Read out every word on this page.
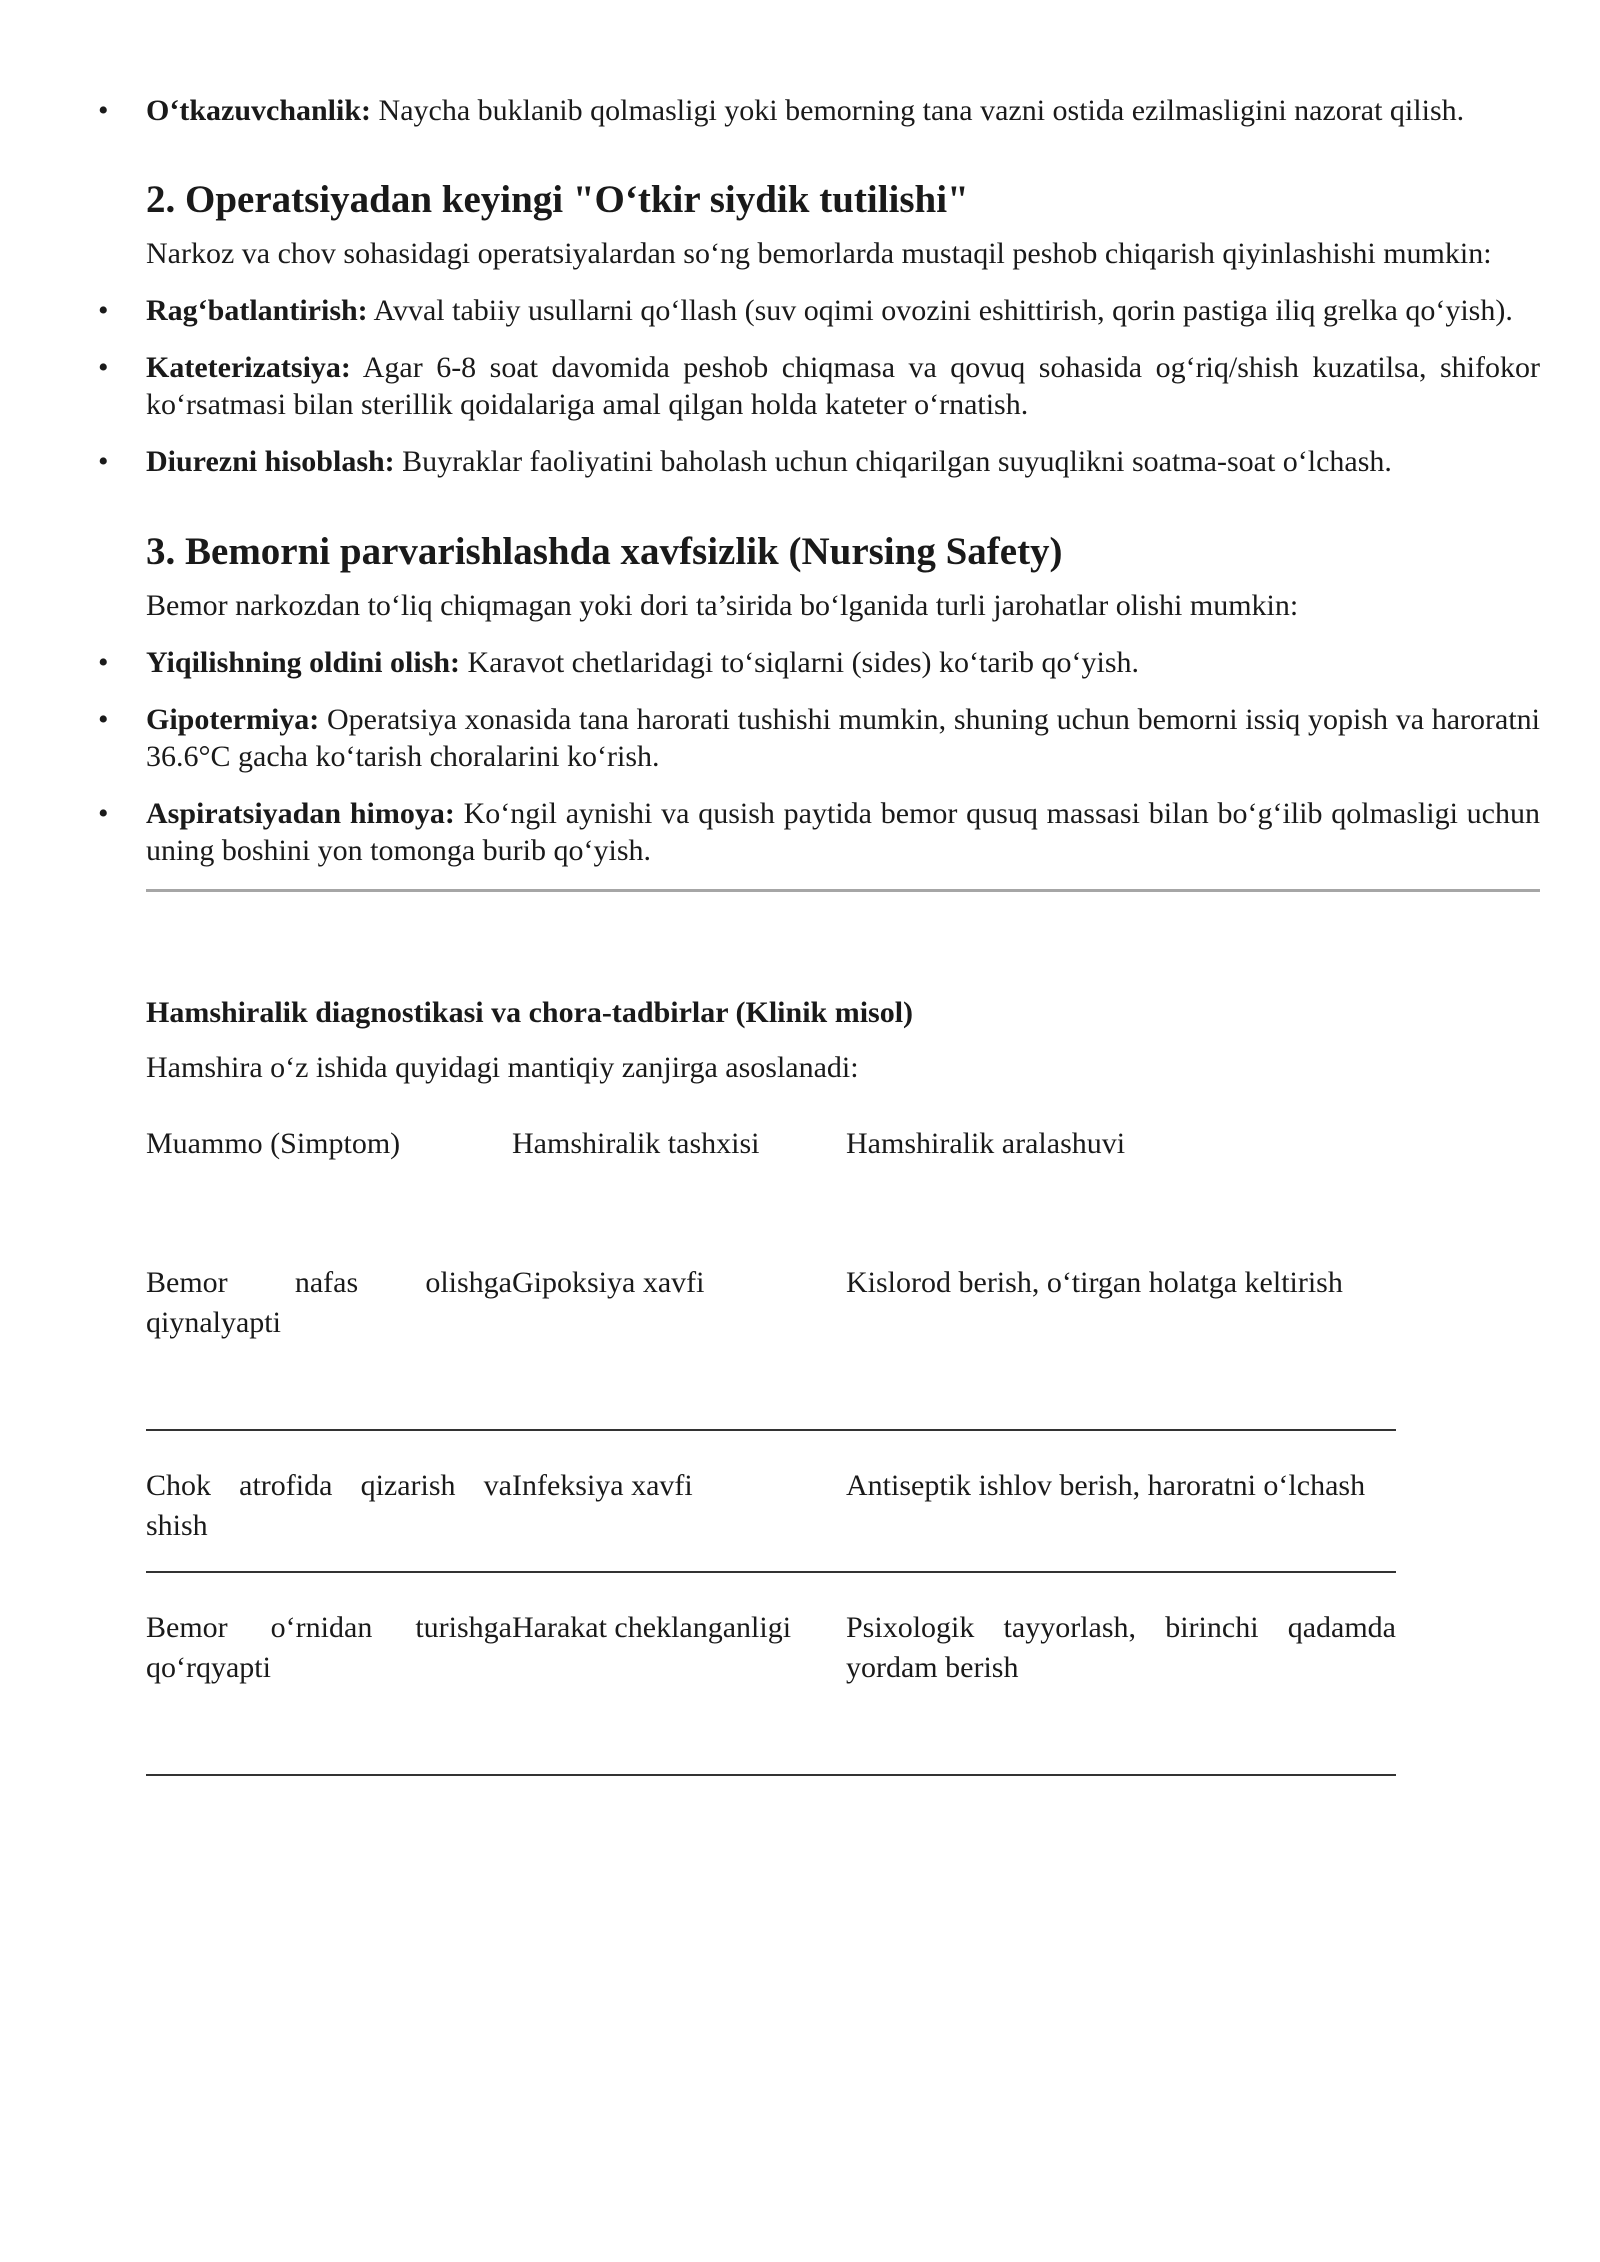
• O‘tkazuvchanlik: Naycha buklanib qolmasligi yoki bemorning tana vazni ostida ezilmasligini nazorat qilish.
2. Operatsiyadan keyingi "O‘tkir siydik tutilishi"

Narkoz va chov sohasidagi operatsiyalardan so‘ng bemorlarda mustaqil peshob chiqarish qiyinlashishi mumkin:

• Rag‘batlantirish: Avval tabiiy usullarni qo‘llash (suv oqimi ovozini eshittirish, qorin pastiga iliq grelka qo‘yish).
• Kateterizatsiya: Agar 6-8 soat davomida peshob chiqmasa va qovuq sohasida og‘riq/shish kuzatilsa, shifokor ko‘rsatmasi bilan sterillik qoidalariga amal qilgan holda kateter o‘rnatish.
• Diurezni hisoblash: Buyraklar faoliyatini baholash uchun chiqarilgan suyuqlikni soatma-soat o‘lchash.
3. Bemorni parvarishlashda xavfsizlik (Nursing Safety)

Bemor narkozdan to‘liq chiqmagan yoki dori ta’sirida bo‘lganida turli jarohatlar olishi mumkin:

• Yiqilishning oldini olish: Karavot chetlaridagi to‘siqlarni (sides) ko‘tarib qo‘yish.
• Gipotermiya: Operatsiya xonasida tana harorati tushishi mumkin, shuning uchun bemorni issiq yopish va haroratni 36.6°C gacha ko‘tarish choralarini ko‘rish.
• Aspiratsiyadan himoya: Ko‘ngil aynishi va qusish paytida bemor qusuq massasi bilan bo‘g‘ilib qolmasligi uchun uning boshini yon tomonga burib qo‘yish.
Hamshiralik diagnostikasi va chora-tadbirlar (Klinik misol)

Hamshira o‘z ishida quyidagi mantiqiy zanjirga asoslanadi:

Muammo (Simptom)	Hamshiralik tashxisi	Hamshiralik aralashuvi
Bemor nafas olishga qiynalyapti	Gipoksiya xavfi	Kislorod berish, o‘tirgan holatga keltirish
Chok atrofida qizarish va shish	Infeksiya xavfi	Antiseptik ishlov berish, haroratni o‘lchash
Bemor o‘rnidan turishga qo‘rqyapti	Harakat cheklanganligi	Psixologik tayyorlash, birinchi qadamda yordam berish
